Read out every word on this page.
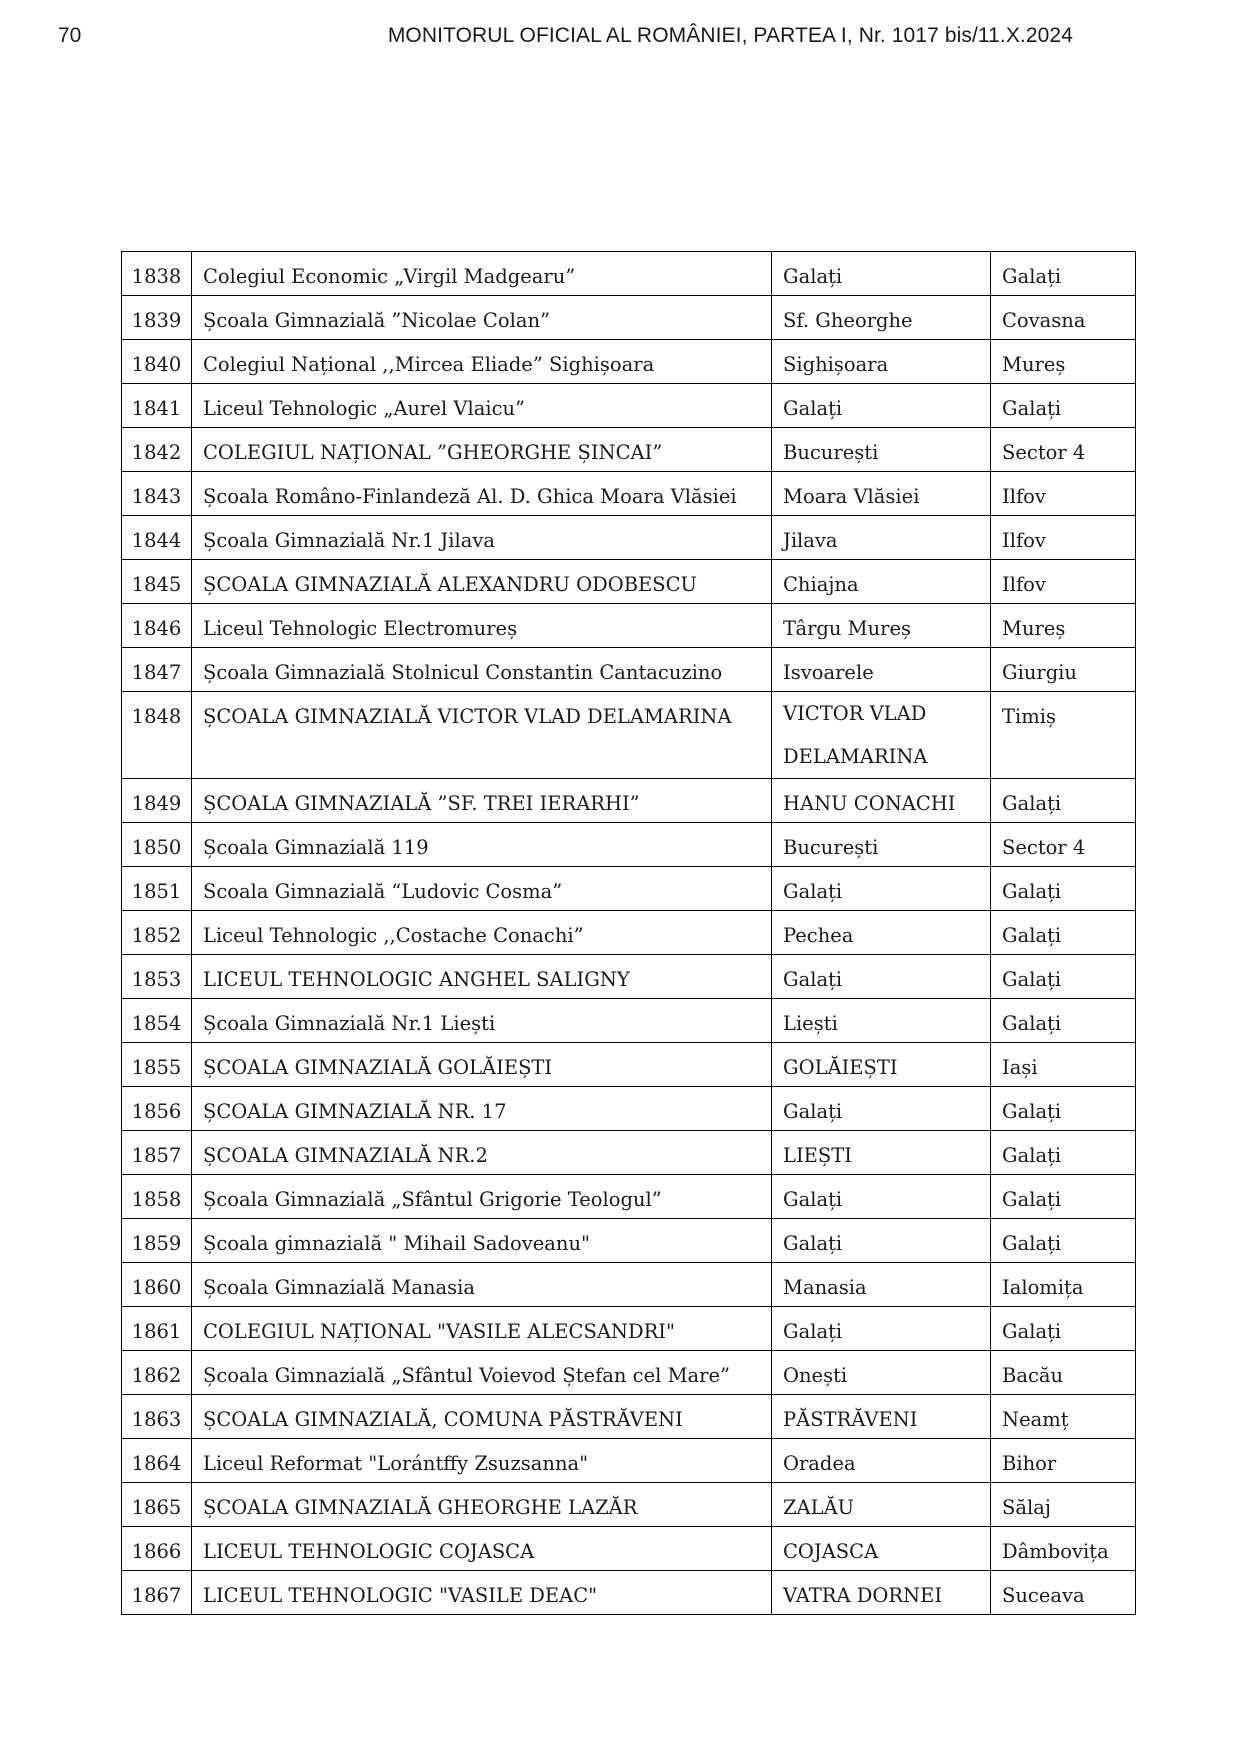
70	MONITORUL OFICIAL AL ROMÂNIEI, PARTEA I, Nr. 1017 bis/11.X.2024
1838	Colegiul Economic „Virgil Madgearu”	Galați	Galați
1839	Școala Gimnazială ”Nicolae Colan”	Sf. Gheorghe	Covasna
1840	Colegiul Național ,,Mircea Eliade” Sighișoara	Sighișoara	Mureș
1841	Liceul Tehnologic „Aurel Vlaicu”	Galați	Galați
1842	COLEGIUL NAȚIONAL ”GHEORGHE ȘINCAI”	București	Sector 4
1843	Școala Româno-Finlandeză Al. D. Ghica Moara Vlăsiei	Moara Vlăsiei	Ilfov
1844	Școala Gimnazială Nr.1 Jilava	Jilava	Ilfov
1845	ȘCOALA GIMNAZIALĂ ALEXANDRU ODOBESCU	Chiajna	Ilfov
1846	Liceul Tehnologic Electromureș	Târgu Mureș	Mureș
1847	Școala Gimnazială Stolnicul Constantin Cantacuzino	Isvoarele	Giurgiu
1848	ȘCOALA GIMNAZIALĂ VICTOR VLAD DELAMARINA	VICTOR VLAD DELAMARINA	Timiș
1849	ȘCOALA GIMNAZIALĂ ”SF. TREI IERARHI”	HANU CONACHI	Galați
1850	Școala Gimnazială 119	București	Sector 4
1851	Scoala Gimnazială “Ludovic Cosma”	Galați	Galați
1852	Liceul Tehnologic ,,Costache Conachi”	Pechea	Galați
1853	LICEUL TEHNOLOGIC ANGHEL SALIGNY	Galați	Galați
1854	Școala Gimnazială Nr.1 Liești	Liești	Galați
1855	ȘCOALA GIMNAZIALĂ GOLĂIEȘTI	GOLĂIEȘTI	Iași
1856	ȘCOALA GIMNAZIALĂ NR. 17	Galați	Galați
1857	ȘCOALA GIMNAZIALĂ NR.2	LIEȘTI	Galați
1858	Școala Gimnazială „Sfântul Grigorie Teologul”	Galați	Galați
1859	Școala gimnazială " Mihail Sadoveanu"	Galați	Galați
1860	Școala Gimnazială Manasia	Manasia	Ialomița
1861	COLEGIUL NAȚIONAL "VASILE ALECSANDRI"	Galați	Galați
1862	Școala Gimnazială „Sfântul Voievod Ștefan cel Mare”	Onești	Bacău
1863	ȘCOALA GIMNAZIALĂ, COMUNA PĂSTRĂVENI	PĂSTRĂVENI	Neamț
1864	Liceul Reformat "Lorántffy Zsuzsanna"	Oradea	Bihor
1865	ȘCOALA GIMNAZIALĂ GHEORGHE LAZĂR	ZALĂU	Sălaj
1866	LICEUL TEHNOLOGIC COJASCA	COJASCA	Dâmbovița
1867	LICEUL TEHNOLOGIC "VASILE DEAC"	VATRA DORNEI	Suceava
